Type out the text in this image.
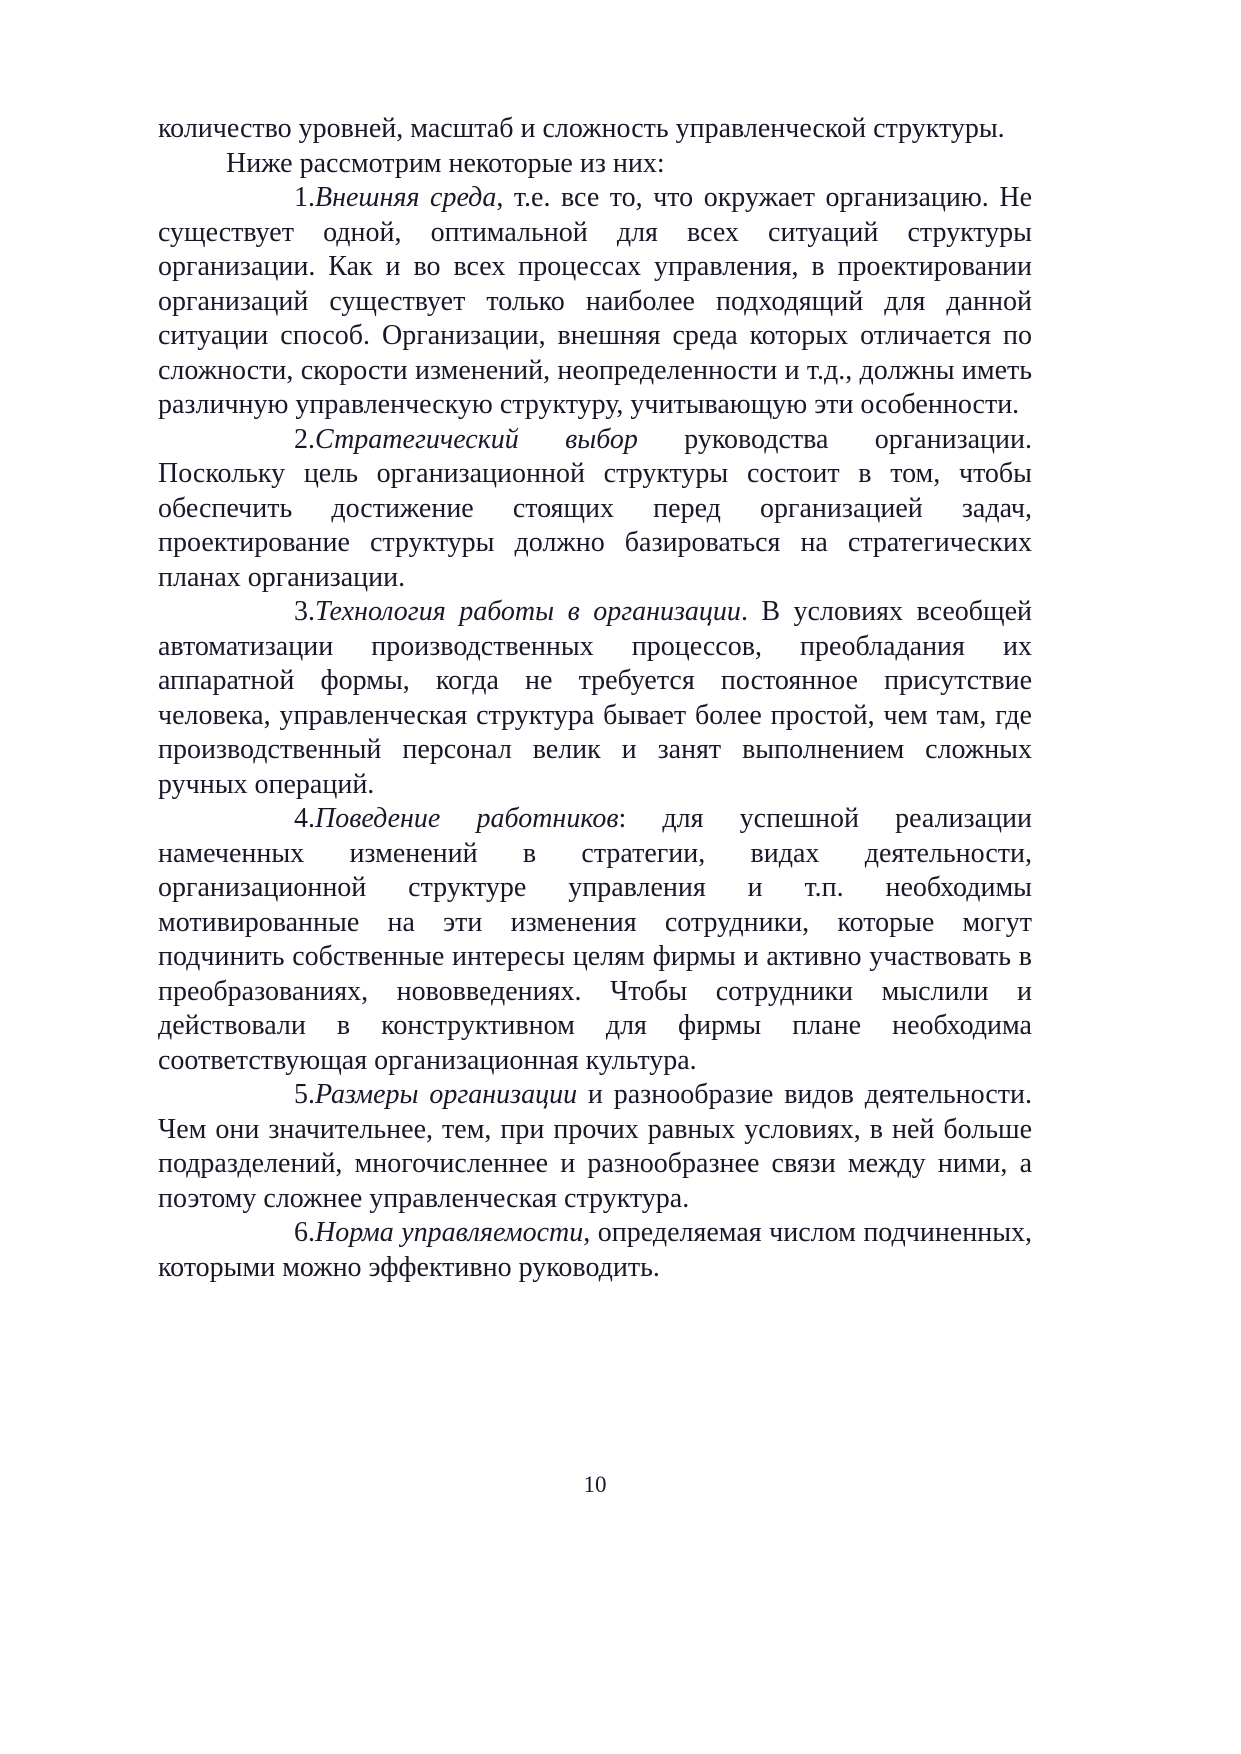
количество уровней, масштаб и сложность управленческой структуры.

Ниже рассмотрим некоторые из них:

1.Внешняя среда, т.е. все то, что окружает организацию. Не существует одной, оптимальной для всех ситуаций структуры организации. Как и во всех процессах управления, в проектировании организаций существует только наиболее подходящий для данной ситуации способ. Организации, внешняя среда которых отличается по сложности, скорости изменений, неопределенности и т.д., должны иметь различную управленческую структуру, учитывающую эти особенности.

2.Стратегический выбор руководства организации. Поскольку цель организационной структуры состоит в том, чтобы обеспечить достижение стоящих перед организацией задач, проектирование структуры должно базироваться на стратегических планах организации.

3.Технология работы в организации. В условиях всеобщей автоматизации производственных процессов, преобладания их аппаратной формы, когда не требуется постоянное присутствие человека, управленческая структура бывает более простой, чем там, где производственный персонал велик и занят выполнением сложных ручных операций.

4.Поведение работников: для успешной реализации намеченных изменений в стратегии, видах деятельности, организационной структуре управления и т.п. необходимы мотивированные на эти изменения сотрудники, которые могут подчинить собственные интересы целям фирмы и активно участвовать в преобразованиях, нововведениях. Чтобы сотрудники мыслили и действовали в конструктивном для фирмы плане необходима соответствующая организационная культура.

5.Размеры организации и разнообразие видов деятельности. Чем они значительнее, тем, при прочих равных условиях, в ней больше подразделений, многочисленнее и разнообразнее связи между ними, а поэтому сложнее управленческая структура.

6.Норма управляемости, определяемая числом подчиненных, которыми можно эффективно руководить.

10
